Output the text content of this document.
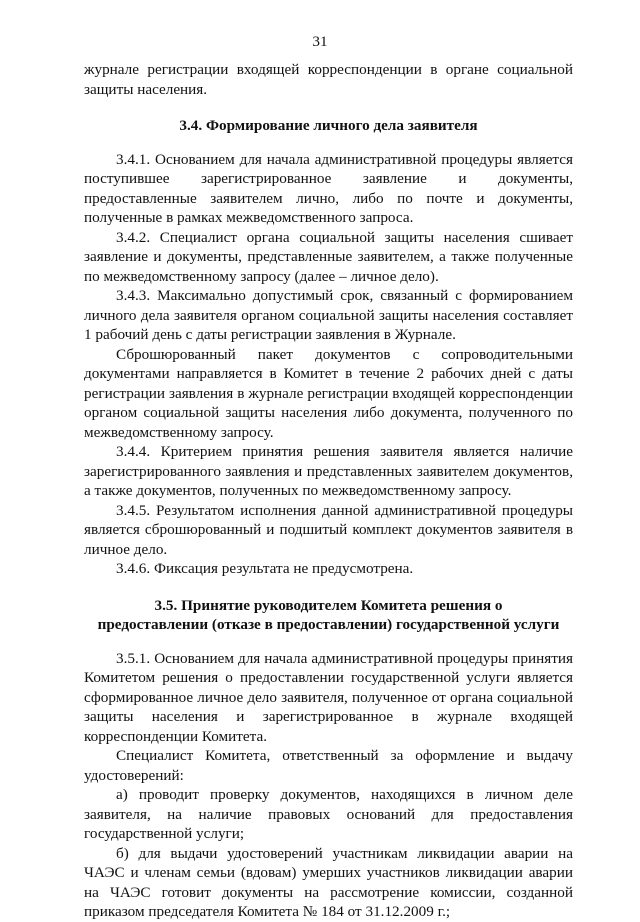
31

журнале регистрации входящей корреспонденции в органе социальной защиты населения.

3.4. Формирование личного дела заявителя

3.4.1. Основанием для начала административной процедуры является поступившее зарегистрированное заявление и документы, предоставленные заявителем лично, либо по почте и документы, полученные в рамках межведомственного запроса.

3.4.2. Специалист органа социальной защиты населения сшивает заявление и документы, представленные заявителем, а также полученные по межведомственному запросу (далее – личное дело).

3.4.3. Максимально допустимый срок, связанный с формированием личного дела заявителя органом социальной защиты населения составляет 1 рабочий день с даты регистрации заявления в Журнале.

Сброшюрованный пакет документов с сопроводительными документами направляется в Комитет в течение 2 рабочих дней с даты регистрации заявления в журнале регистрации входящей корреспонденции органом социальной защиты населения либо документа, полученного по межведомственному запросу.

3.4.4. Критерием принятия решения заявителя является наличие зарегистрированного заявления и представленных заявителем документов, а также документов, полученных по межведомственному запросу.

3.4.5. Результатом исполнения данной административной процедуры является сброшюрованный и подшитый комплект документов заявителя в личное дело.

3.4.6. Фиксация результата не предусмотрена.

3.5. Принятие руководителем Комитета решения о
предоставлении (отказе в предоставлении) государственной услуги

3.5.1. Основанием для начала административной процедуры принятия Комитетом решения о предоставлении государственной услуги является сформированное личное дело заявителя, полученное от органа социальной защиты населения и зарегистрированное в журнале входящей корреспонденции Комитета.

Специалист Комитета, ответственный за оформление и выдачу удостоверений:

а) проводит проверку документов, находящихся в личном деле заявителя, на наличие правовых оснований для предоставления государственной услуги;

б) для выдачи удостоверений участникам ликвидации аварии на ЧАЭС и членам семьи (вдовам) умерших участников ликвидации аварии на ЧАЭС готовит документы на рассмотрение комиссии, созданной приказом председателя Комитета № 184 от 31.12.2009 г.;
